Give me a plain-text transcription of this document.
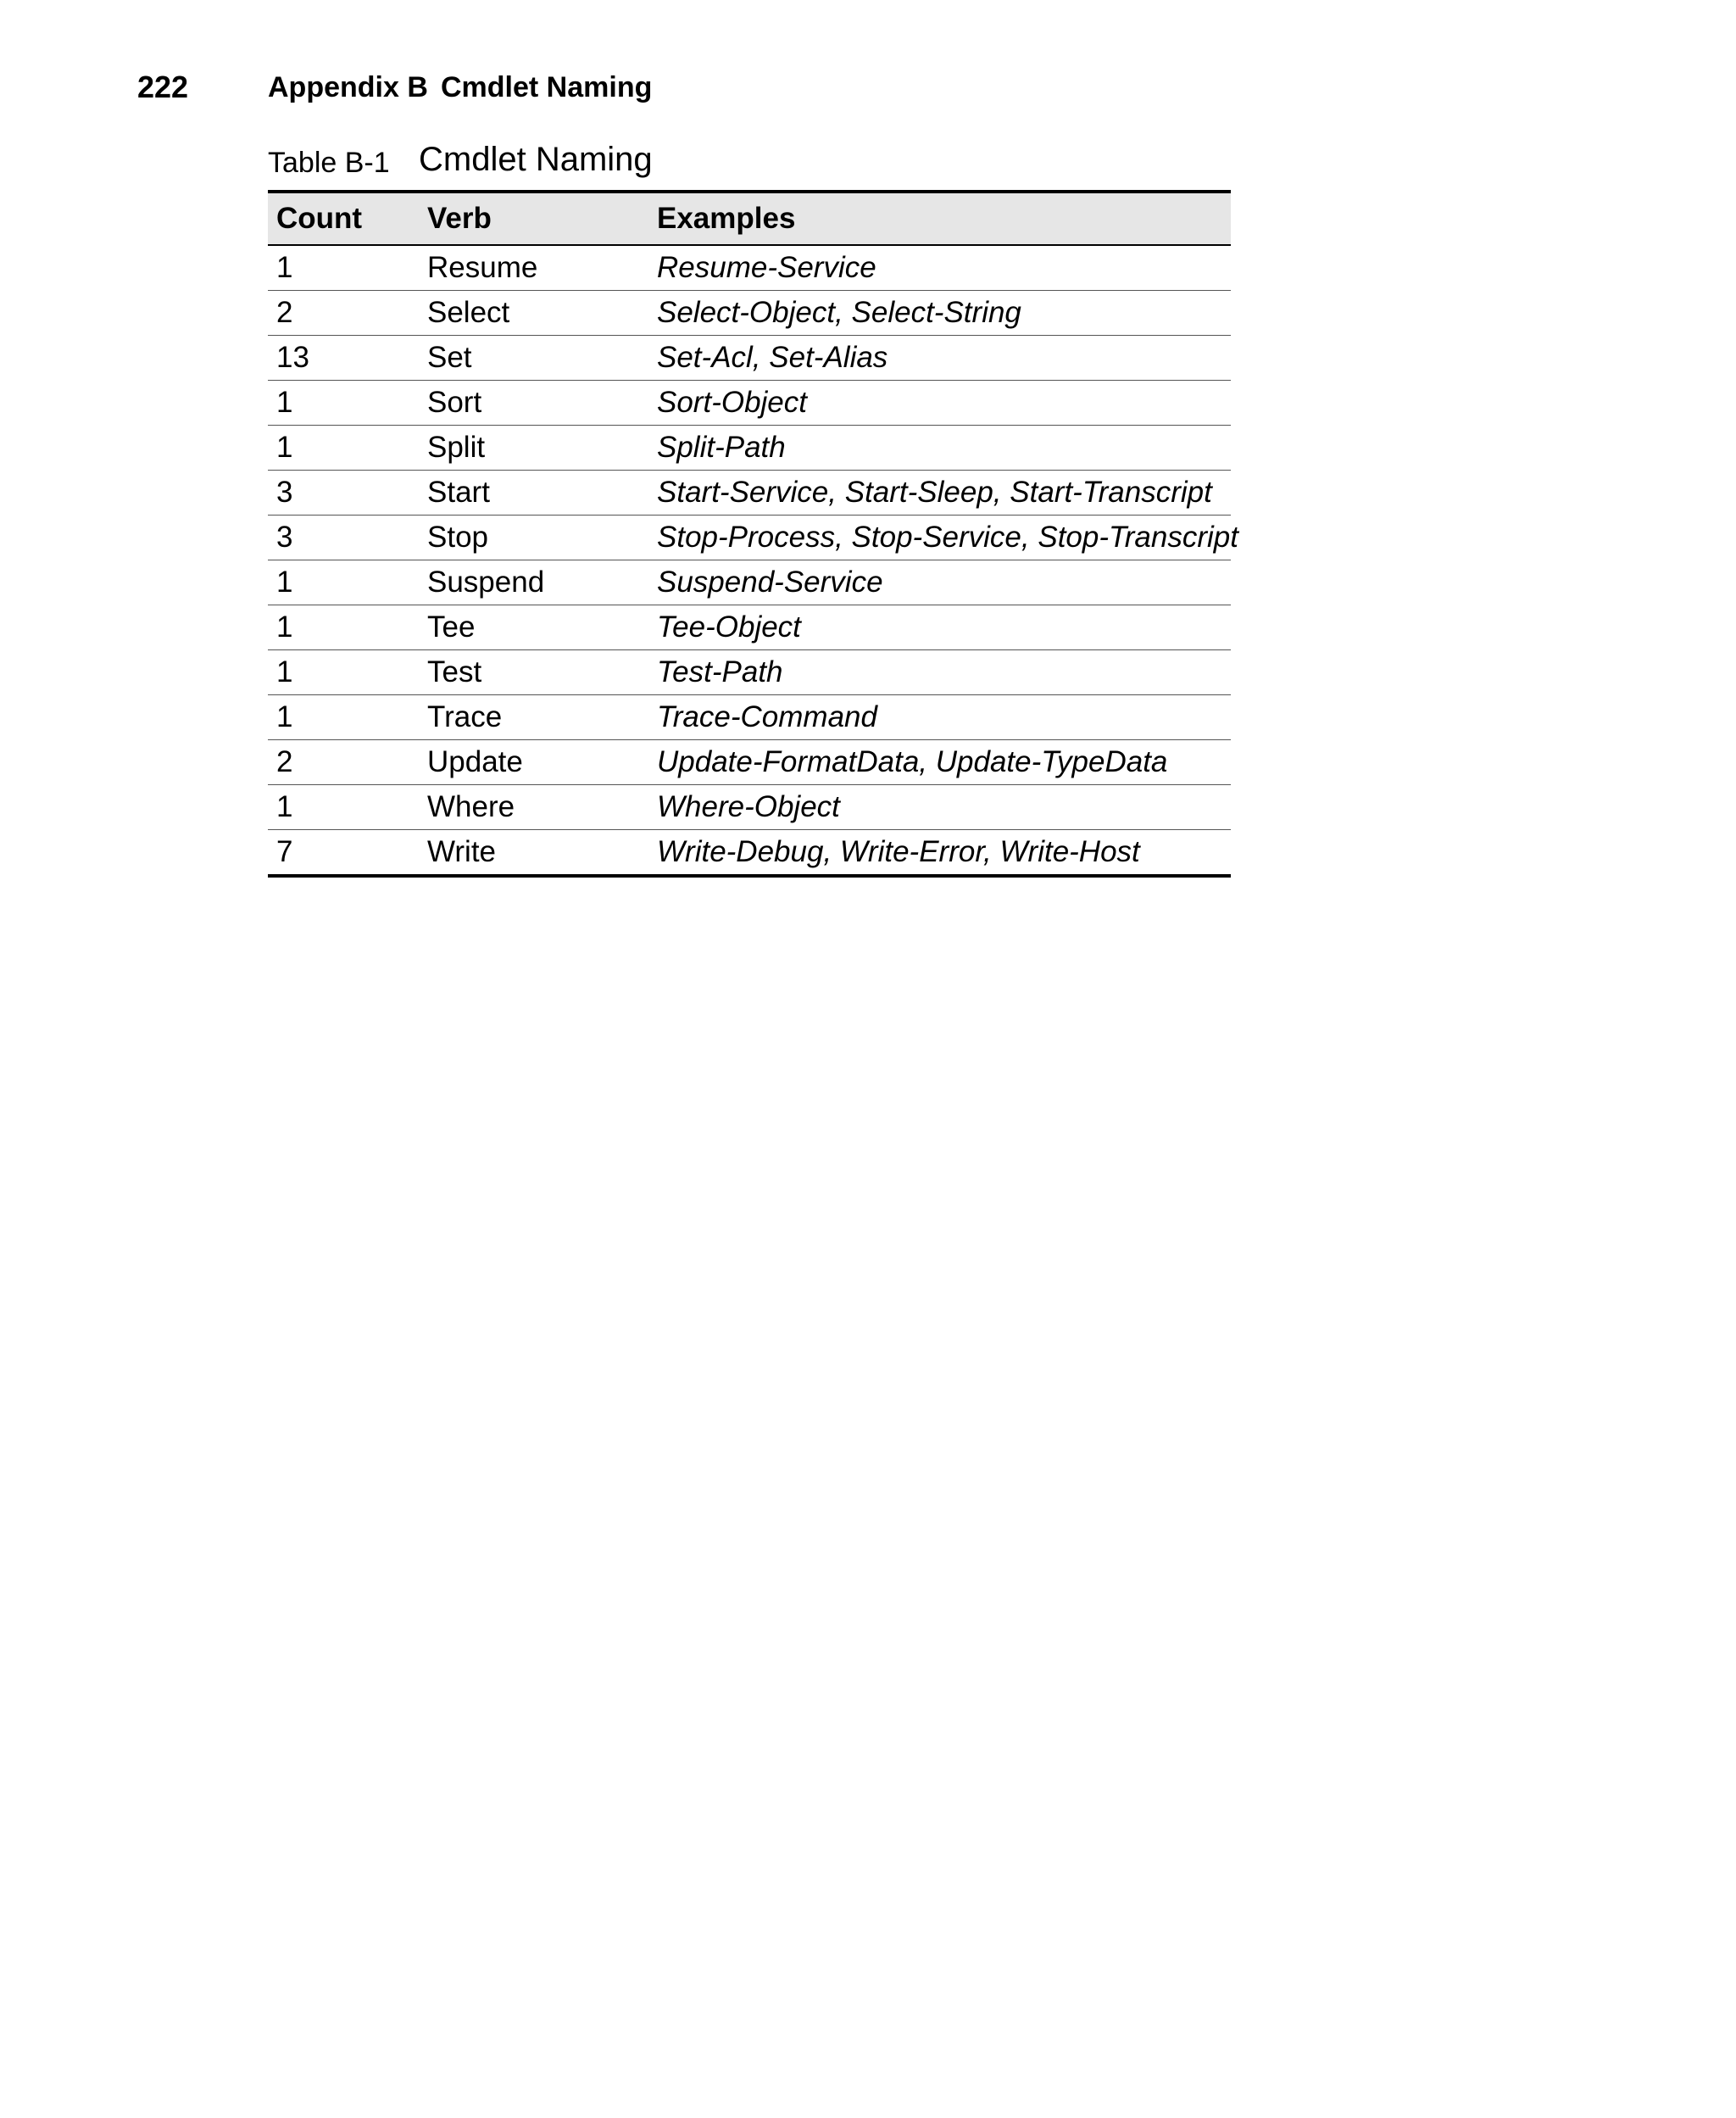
222	Appendix B Cmdlet Naming
Table B-1 Cmdlet Naming
Count	Verb	Examples
1	Resume	Resume-Service
2	Select	Select-Object, Select-String
13	Set	Set-Acl, Set-Alias
1	Sort	Sort-Object
1	Split	Split-Path
3	Start	Start-Service, Start-Sleep, Start-Transcript
3	Stop	Stop-Process, Stop-Service, Stop-Transcript
1	Suspend	Suspend-Service
1	Tee	Tee-Object
1	Test	Test-Path
1	Trace	Trace-Command
2	Update	Update-FormatData, Update-TypeData
1	Where	Where-Object
7	Write	Write-Debug, Write-Error, Write-Host
